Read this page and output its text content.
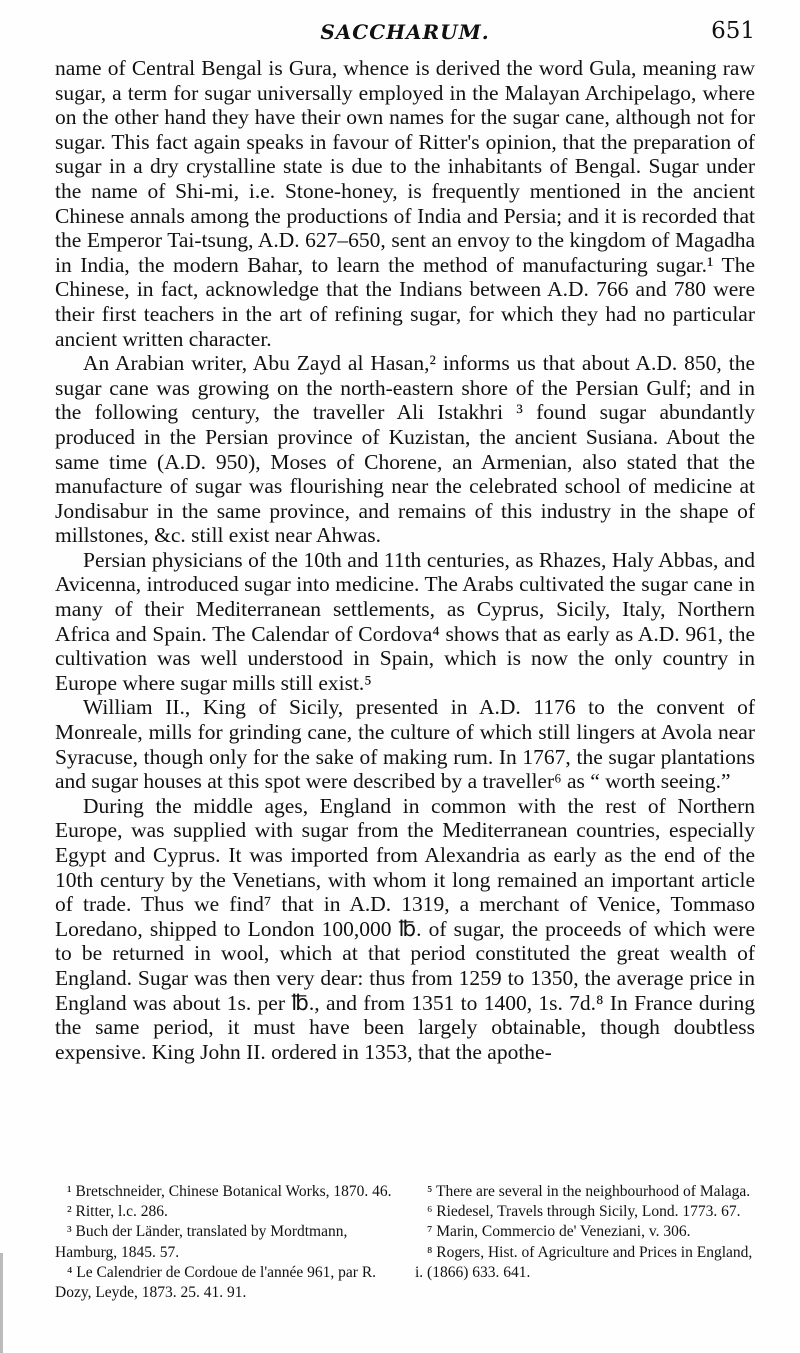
SACCHARUM.	651

name of Central Bengal is Gura, whence is derived the word Gula, meaning raw sugar, a term for sugar universally employed in the Malayan Archipelago, where on the other hand they have their own names for the sugar cane, although not for sugar. This fact again speaks in favour of Ritter's opinion, that the preparation of sugar in a dry crystalline state is due to the inhabitants of Bengal. Sugar under the name of Shi-mi, i.e. Stone-honey, is frequently mentioned in the ancient Chinese annals among the productions of India and Persia; and it is recorded that the Emperor Tai-tsung, A.D. 627–650, sent an envoy to the kingdom of Magadha in India, the modern Bahar, to learn the method of manufacturing sugar.¹ The Chinese, in fact, acknowledge that the Indians between A.D. 766 and 780 were their first teachers in the art of refining sugar, for which they had no particular ancient written character.

An Arabian writer, Abu Zayd al Hasan,² informs us that about A.D. 850, the sugar cane was growing on the north-eastern shore of the Persian Gulf; and in the following century, the traveller Ali Istakhri ³ found sugar abundantly produced in the Persian province of Kuzistan, the ancient Susiana. About the same time (A.D. 950), Moses of Chorene, an Armenian, also stated that the manufacture of sugar was flourishing near the celebrated school of medicine at Jondisabur in the same province, and remains of this industry in the shape of millstones, &c. still exist near Ahwas.

Persian physicians of the 10th and 11th centuries, as Rhazes, Haly Abbas, and Avicenna, introduced sugar into medicine. The Arabs cultivated the sugar cane in many of their Mediterranean settlements, as Cyprus, Sicily, Italy, Northern Africa and Spain. The Calendar of Cordova⁴ shows that as early as A.D. 961, the cultivation was well understood in Spain, which is now the only country in Europe where sugar mills still exist.⁵

William II., King of Sicily, presented in A.D. 1176 to the convent of Monreale, mills for grinding cane, the culture of which still lingers at Avola near Syracuse, though only for the sake of making rum. In 1767, the sugar plantations and sugar houses at this spot were described by a traveller⁶ as “ worth seeing.”

During the middle ages, England in common with the rest of Northern Europe, was supplied with sugar from the Mediterranean countries, especially Egypt and Cyprus. It was imported from Alexandria as early as the end of the 10th century by the Venetians, with whom it long remained an important article of trade. Thus we find⁷ that in A.D. 1319, a merchant of Venice, Tommaso Loredano, shipped to London 100,000 ℔. of sugar, the proceeds of which were to be returned in wool, which at that period constituted the great wealth of England. Sugar was then very dear: thus from 1259 to 1350, the average price in England was about 1s. per ℔., and from 1351 to 1400, 1s. 7d.⁸ In France during the same period, it must have been largely obtainable, though doubtless expensive. King John II. ordered in 1353, that the apothe-

¹ Bretschneider, Chinese Botanical Works, 1870. 46.

² Ritter, l.c. 286.

³ Buch der Länder, translated by Mordtmann, Hamburg, 1845. 57.

⁴ Le Calendrier de Cordoue de l'année 961, par R. Dozy, Leyde, 1873. 25. 41. 91.

⁵ There are several in the neighbourhood of Malaga.

⁶ Riedesel, Travels through Sicily, Lond. 1773. 67.

⁷ Marin, Commercio de' Veneziani, v. 306.

⁸ Rogers, Hist. of Agriculture and Prices in England, i. (1866) 633. 641.
